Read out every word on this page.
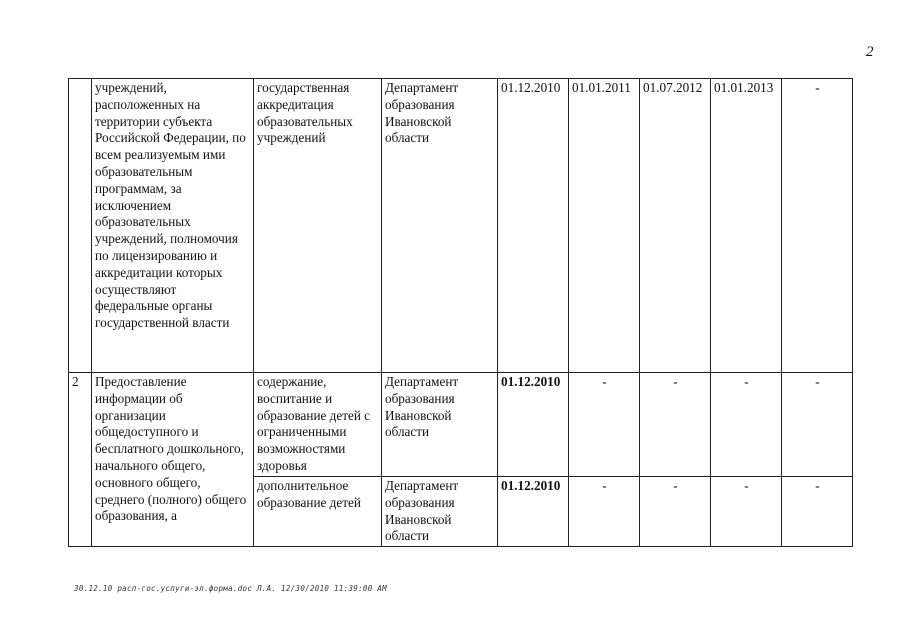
2
	учреждений, расположенных на территории субъекта Российской Федерации, по всем реализуемым ими образовательным программам, за исключением образовательных учреждений, полномочия по лицензированию и аккредитации которых осуществляют федеральные органы государственной власти	государственная аккредитация образовательных учреждений	Департамент образования Ивановской области	01.12.2010	01.01.2011	01.07.2012	01.01.2013	-
2	Предоставление информации об организации общедоступного и бесплатного дошкольного, начального общего, основного общего, среднего (полного) общего образования, а	содержание, воспитание и образование детей с ограниченными возможностями здоровья	Департамент образования Ивановской области	01.12.2010	-	-	-	-
		дополнительное образование детей	Департамент образования Ивановской области	01.12.2010	-	-	-	-
30.12.10 расп-гос.услуги-эл.форма.doc Л.А. 12/30/2010 11:39:00 AM
